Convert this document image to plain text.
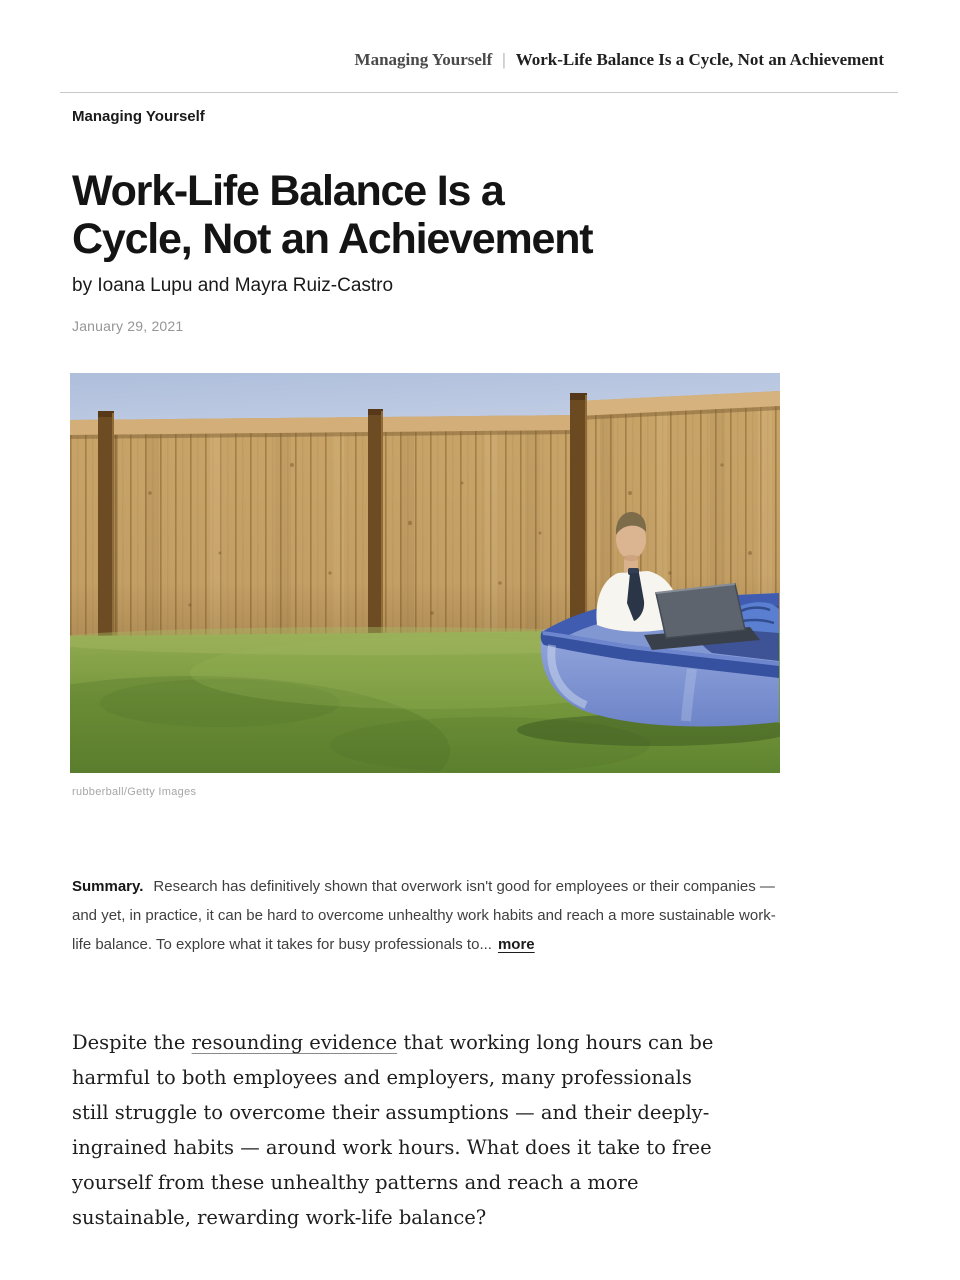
Managing Yourself | Work-Life Balance Is a Cycle, Not an Achievement
Managing Yourself
Work-Life Balance Is a
Cycle, Not an Achievement
by Ioana Lupu and Mayra Ruiz-Castro
January 29, 2021
rubberball/Getty Images

Summary. Research has definitively shown that overwork isn't good for employees or their companies — and yet, in practice, it can be hard to overcome unhealthy work habits and reach a more sustainable work-life balance. To explore what it takes for busy professionals to... more

Despite the resounding evidence that working long hours can be harmful to both employees and employers, many professionals still struggle to overcome their assumptions — and their deeply-ingrained habits — around work hours. What does it take to free yourself from these unhealthy patterns and reach a more sustainable, rewarding work-life balance?
